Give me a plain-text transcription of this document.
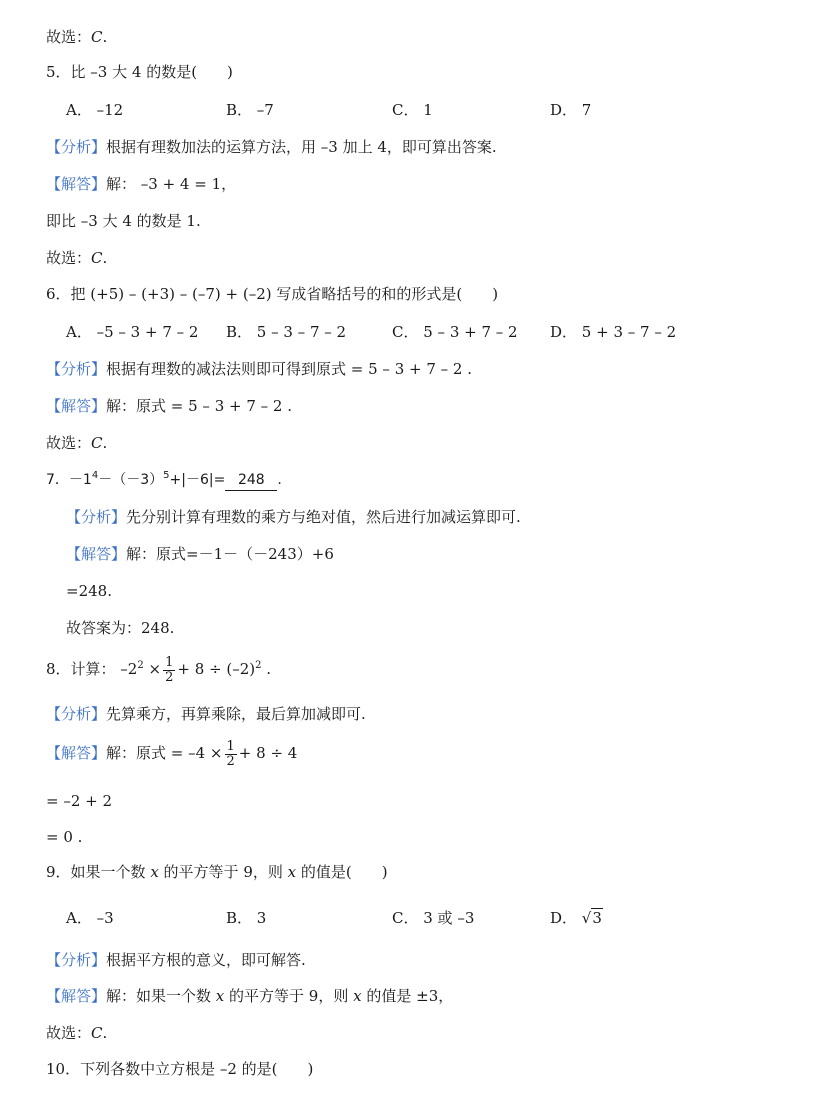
故选：C.
5．比 –3 大 4 的数是(　　)
A． –12	B． –7	C． 1	D． 7
【分析】根据有理数加法的运算方法，用 –3 加上 4，即可算出答案.
【解答】解： –3 + 4 = 1，
即比 –3 大 4 的数是 1.
故选：C.
6．把 (+5) – (+3) – (–7) + (–2) 写成省略括号的和的形式是(　　)
A． –5 – 3 + 7 – 2 B． 5 – 3 – 7 – 2	C． 5 – 3 + 7 – 2 D． 5 + 3 – 7 – 2
【分析】根据有理数的减法法则即可得到原式 = 5 – 3 + 7 – 2 .
【解答】解：原式 = 5 – 3 + 7 – 2 .
故选：C.
7．$-1^4-(-3)^5+|-6|= 248$ .
【分析】先分别计算有理数的乘方与绝对值，然后进行加减运算即可.
【解答】解：原式=－1－（－243）+6
=248.
故答案为：248.
8．计算： $-2^2 \times \frac{1}{2} + 8 \div (-2)^2$ .
【分析】先算乘方，再算乘除，最后算加减即可.
【解答】解：原式 = $-4 \times \frac{1}{2} + 8 \div 4$
= –2 + 2
= 0 .
9．如果一个数 x 的平方等于 9，则 x 的值是(　　)
A． –3	B． 3	C． 3 或 –3	D． √3
【分析】根据平方根的意义，即可解答.
【解答】解：如果一个数 x 的平方等于 9，则 x 的值是 ±3，
故选：C.
10．下列各数中立方根是 –2 的是(　　)
